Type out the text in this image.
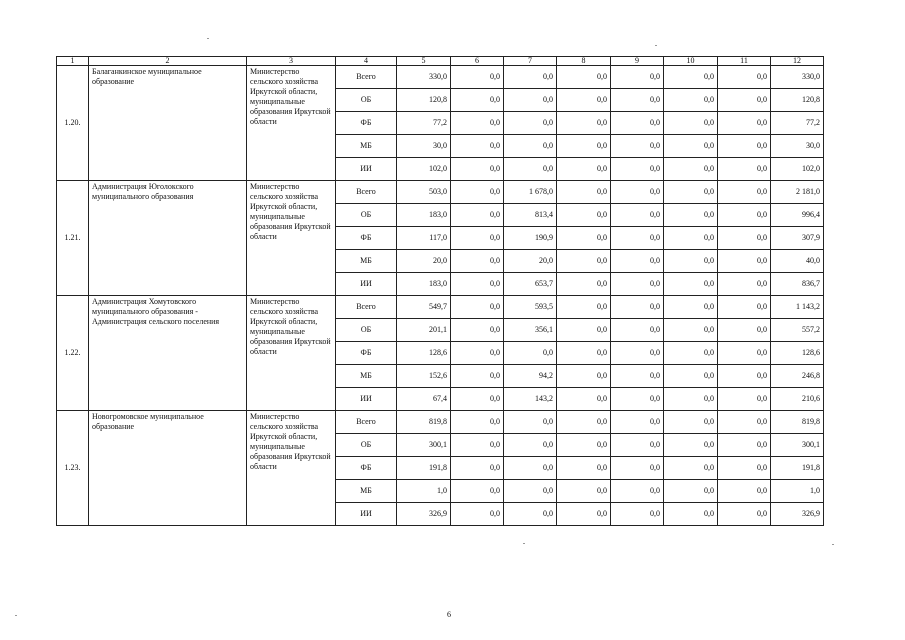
1	2	3	4	5	6	7	8	9	10	11	12
1.20.	Балаганкинское муниципальное образование	Министерство сельского хозяйства Иркутской области, муниципальные образования Иркутской области	Всего	330,0	0,0	0,0	0,0	0,0	0,0	0,0	330,0
			ОБ	120,8	0,0	0,0	0,0	0,0	0,0	0,0	120,8
			ФБ	77,2	0,0	0,0	0,0	0,0	0,0	0,0	77,2
			МБ	30,0	0,0	0,0	0,0	0,0	0,0	0,0	30,0
			ИИ	102,0	0,0	0,0	0,0	0,0	0,0	0,0	102,0
1.21.	Администрация Юголокского муниципального образования	Министерство сельского хозяйства Иркутской области, муниципальные образования Иркутской области	Всего	503,0	0,0	1 678,0	0,0	0,0	0,0	0,0	2 181,0
			ОБ	183,0	0,0	813,4	0,0	0,0	0,0	0,0	996,4
			ФБ	117,0	0,0	190,9	0,0	0,0	0,0	0,0	307,9
			МБ	20,0	0,0	20,0	0,0	0,0	0,0	0,0	40,0
			ИИ	183,0	0,0	653,7	0,0	0,0	0,0	0,0	836,7
1.22.	Администрация Хомутовского муниципального образования - Администрация сельского поселения	Министерство сельского хозяйства Иркутской области, муниципальные образования Иркутской области	Всего	549,7	0,0	593,5	0,0	0,0	0,0	0,0	1 143,2
			ОБ	201,1	0,0	356,1	0,0	0,0	0,0	0,0	557,2
			ФБ	128,6	0,0	0,0	0,0	0,0	0,0	0,0	128,6
			МБ	152,6	0,0	94,2	0,0	0,0	0,0	0,0	246,8
			ИИ	67,4	0,0	143,2	0,0	0,0	0,0	0,0	210,6
1.23.	Новогромовское муниципальное образование	Министерство сельского хозяйства Иркутской области, муниципальные образования Иркутской области	Всего	819,8	0,0	0,0	0,0	0,0	0,0	0,0	819,8
			ОБ	300,1	0,0	0,0	0,0	0,0	0,0	0,0	300,1
			ФБ	191,8	0,0	0,0	0,0	0,0	0,0	0,0	191,8
			МБ	1,0	0,0	0,0	0,0	0,0	0,0	0,0	1,0
			ИИ	326,9	0,0	0,0	0,0	0,0	0,0	0,0	326,9
6
